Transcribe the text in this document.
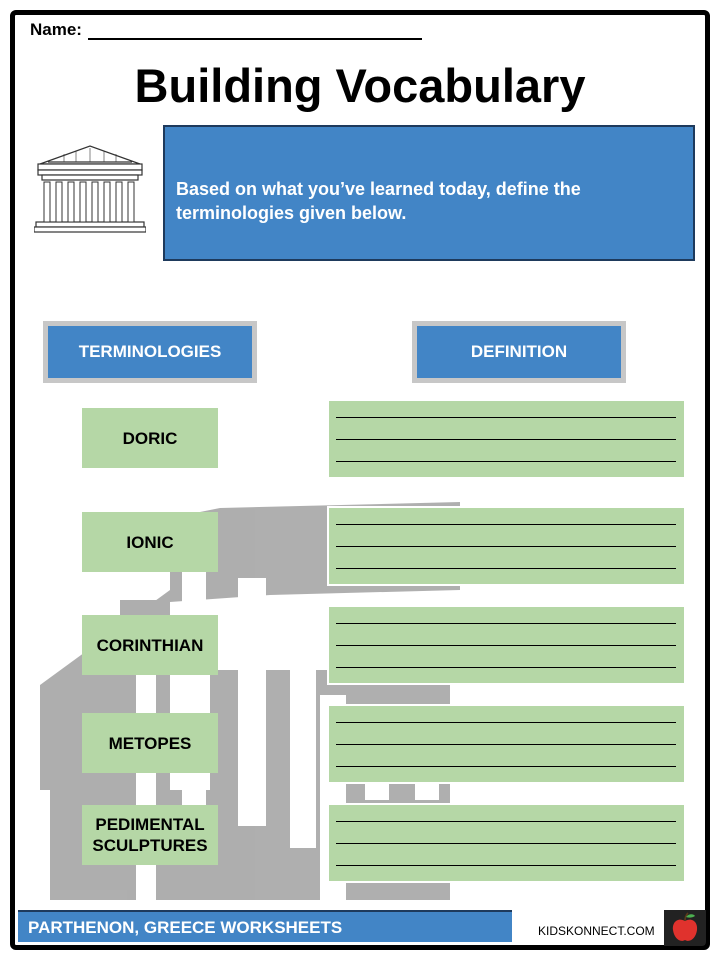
Name:
Building Vocabulary
Based on what you’ve learned today, define the terminologies given below.
TERMINOLOGIES	DEFINITION
DORIC
IONIC
CORINTHIAN
METOPES
PEDIMENTAL SCULPTURES
PARTHENON, GREECE WORKSHEETS	KIDSKONNECT.COM
